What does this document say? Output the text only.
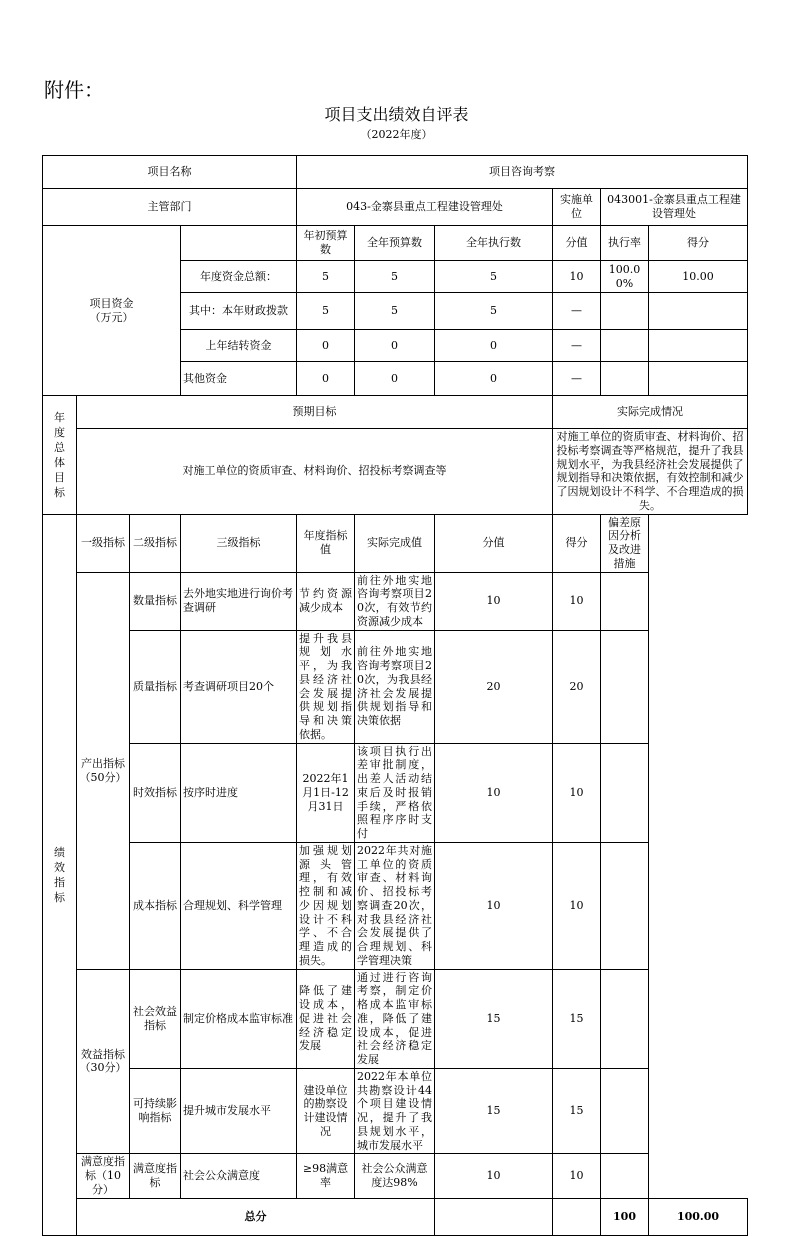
附件：
项目支出绩效自评表
（2022年度）
项目名称				项目咨询考察						
主管部门				043-金寨县重点工程建设管理处			实施单位	043001-金寨县重点工程建设管理处		
项目资金
（万元）				年初预算数	全年预算数	全年执行数	分值	执行率	得分	
			年度资金总额：	5	5	5	10	100.00%	10.00	
			其中：本年财政拨款	5	5	5	—			
			上年结转资金	0	0	0	—			
			其他资金	0	0	0	—			
年度总体目标	预期目标						实际完成情况			
	对施工单位的资质审查、材料询价、招投标考察调查等						对施工单位的资质审查、材料询价、招投标考察调查等严格规范，提升了我县规划水平，为我县经济社会发展提供了规划指导和决策依据，有效控制和减少了因规划设计不科学、不合理造成的损失。			
绩效指标	一级指标	二级指标	三级指标	年度指标值	实际完成值	分值	得分	偏差原因分析及改进措施		
	产出指标
（50分）	数量指标	去外地实地进行询价考查调研	节约资源减少成本	前往外地实地咨询考察项目20次，有效节约资源减少成本	10	10			
		质量指标	考查调研项目20个	提升我县规划水平，为我县经济社会发展提供规划指导和决策依据。	前往外地实地咨询考察项目20次，为我县经济社会发展提供规划指导和决策依据	20	20			
		时效指标	按序时进度	2022年1月1日-12月31日	该项目执行出差审批制度，出差人活动结束后及时报销手续，严格依照程序序时支付	10	10			
		成本指标	合理规划、科学管理	加强规划源头管理，有效控制和减少因规划设计不科学、不合理造成的损失。	2022年共对施工单位的资质审查、材料询价、招投标考察调查20次，对我县经济社会发展提供了合理规划、科学管理决策	10	10			
	效益指标
（30分）	社会效益指标	制定价格成本监审标准	降低了建设成本，促进社会经济稳定发展	通过进行咨询考察，制定价格成本监审标准，降低了建设成本，促进社会经济稳定发展	15	15			
		可持续影响指标	提升城市发展水平	建设单位的勘察设计建设情况	2022年本单位共勘察设计44个项目建设情况，提升了我县规划水平，城市发展水平	15	15			
	满意度指标（10分）	满意度指标	社会公众满意度	≥98满意率	社会公众满意度达98%	10	10			
	总分							100	100.00	
